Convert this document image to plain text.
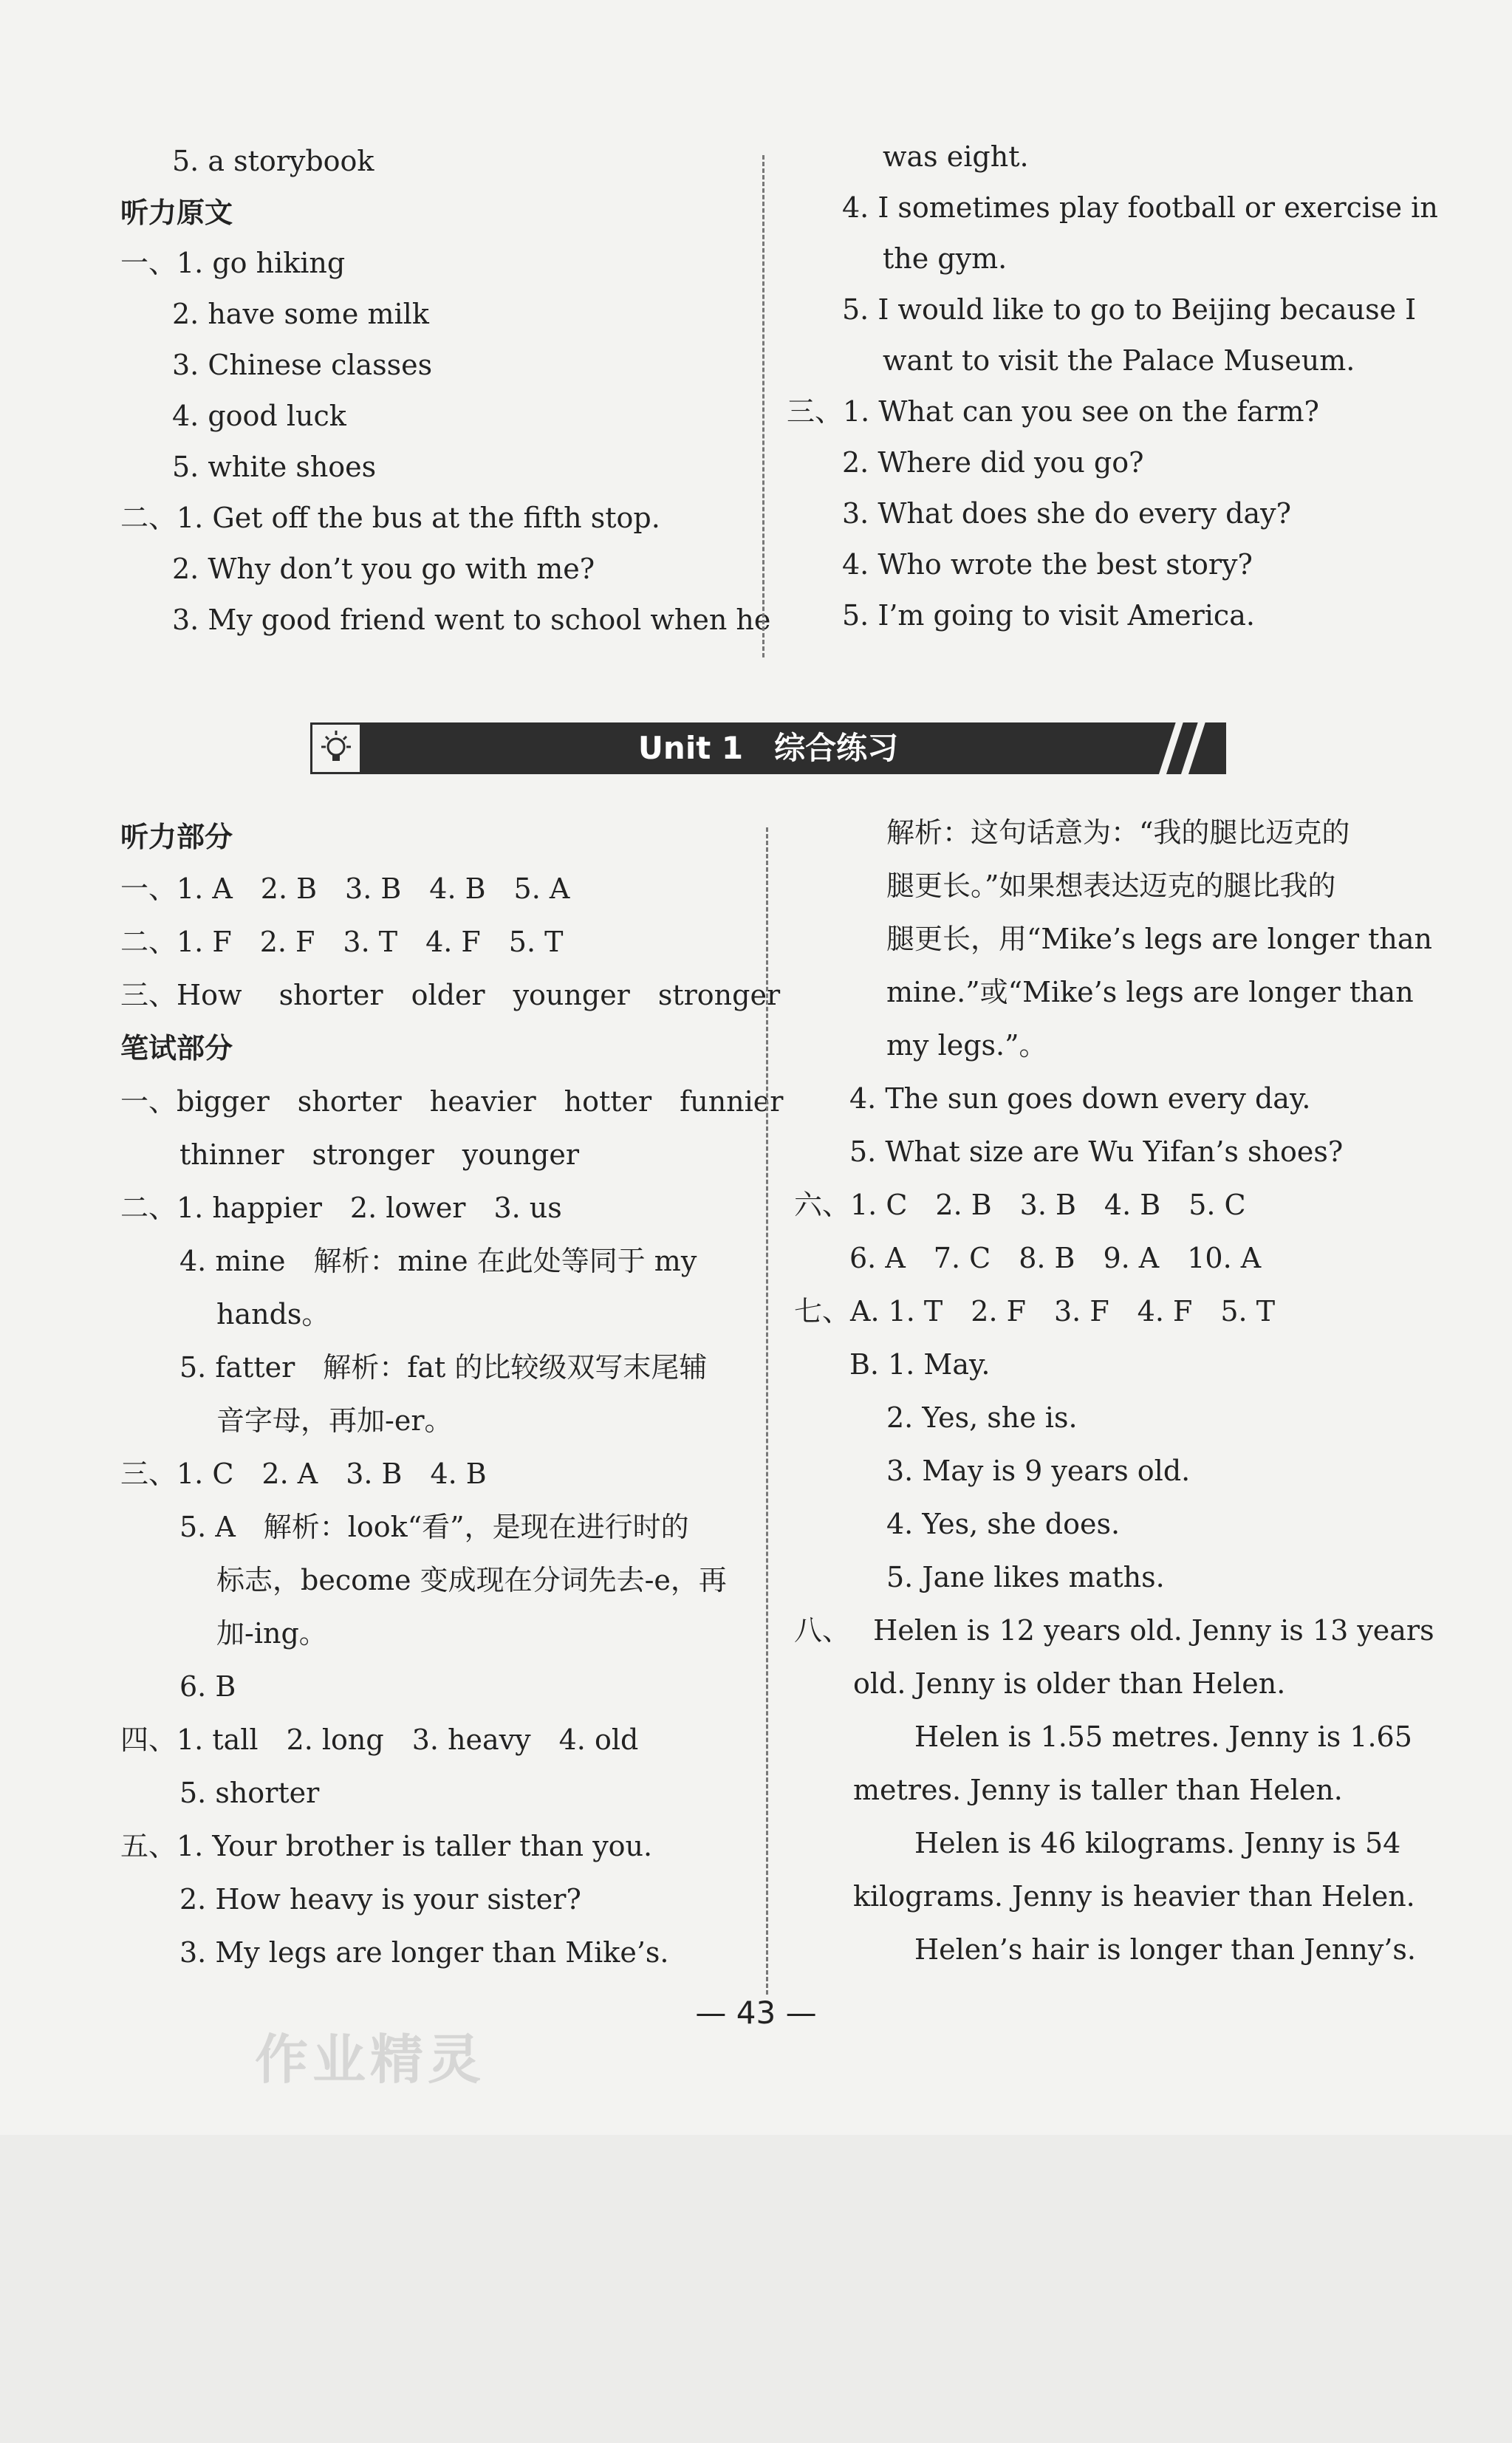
5. a storybook
听力原文
一、1. go hiking
2. have some milk
3. Chinese classes
4. good luck
5. white shoes
二、1. Get off the bus at the fifth stop.
2. Why don’t you go with me?
3. My good friend went to school when he
was eight.
4. I sometimes play football or exercise in
the gym.
5. I would like to go to Beijing because I
want to visit the Palace Museum.
三、1. What can you see on the farm?
2. Where did you go?
3. What does she do every day?
4. Who wrote the best story?
5. I’m going to visit America.
Unit 1　综合练习
听力部分
一、1. A　2. B　3. B　4. B　5. A
二、1. F　2. F　3. T　4. F　5. T
三、How　 shorter　older　younger　stronger
笔试部分
一、bigger　shorter　heavier　hotter　funnier
thinner　stronger　younger
二、1. happier　2. lower　3. us
4. mine　解析：mine 在此处等同于 my
hands。
5. fatter　解析：fat 的比较级双写末尾辅
音字母，再加-er。
三、1. C　2. A　3. B　4. B
5. A　解析：look“看”，是现在进行时的
标志，become 变成现在分词先去-e，再
加-ing。
6. B
四、1. tall　2. long　3. heavy　4. old
5. shorter
五、1. Your brother is taller than you.
2. How heavy is your sister?
3. My legs are longer than Mike’s.
解析：这句话意为：“我的腿比迈克的
腿更长。”如果想表达迈克的腿比我的
腿更长，用“Mike’s legs are longer than
mine.”或“Mike’s legs are longer than
my legs.”。
4. The sun goes down every day.
5. What size are Wu Yifan’s shoes?
六、1. C　2. B　3. B　4. B　5. C
6. A　7. C　8. B　9. A　10. A
七、A. 1. T　2. F　3. F　4. F　5. T
B. 1. May.
2. Yes, she is.
3. May is 9 years old.
4. Yes, she does.
5. Jane likes maths.
八、　 Helen is 12 years old. Jenny is 13 years
old. Jenny is older than Helen.
Helen is 1.55 metres. Jenny is 1.65
metres. Jenny is taller than Helen.
Helen is 46 kilograms. Jenny is 54
kilograms. Jenny is heavier than Helen.
Helen’s hair is longer than Jenny’s.
— 43 —
作业精灵
